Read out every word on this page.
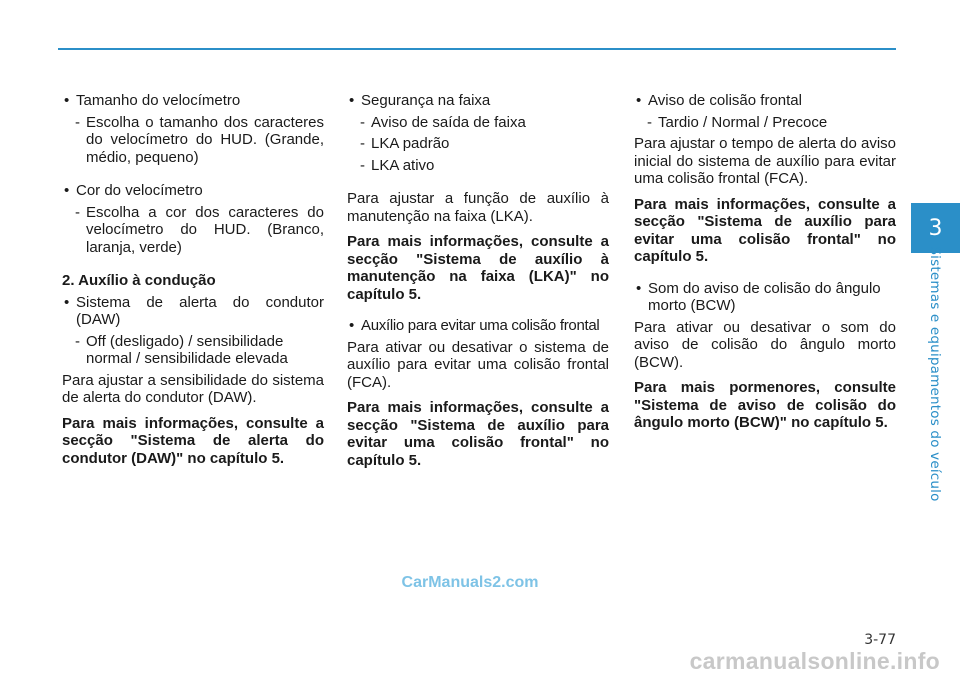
• Tamanho do velocímetro
- Escolha o tamanho dos caracteres do velocímetro do HUD. (Grande, médio, pequeno)
• Cor do velocímetro
- Escolha a cor dos caracteres do velocímetro do HUD. (Branco, laranja, verde)
2. Auxílio à condução
• Sistema de alerta do condutor (DAW)
- Off (desligado) / sensibilidade normal / sensibilidade elevada

Para ajustar a sensibilidade do sistema de alerta do condutor (DAW).

Para mais informações, consulte a secção "Sistema de alerta do condutor (DAW)" no capítulo 5.

• Segurança na faixa
- Aviso de saída de faixa
- LKA padrão
- LKA ativo

Para ajustar a função de auxílio à manutenção na faixa (LKA).

Para mais informações, consulte a secção "Sistema de auxílio à manutenção na faixa (LKA)" no capítulo 5.

• Auxílio para evitar uma colisão frontal

Para ativar ou desativar o sistema de auxílio para evitar uma colisão frontal (FCA).

Para mais informações, consulte a secção "Sistema de auxílio para evitar uma colisão frontal" no capítulo 5.

• Aviso de colisão frontal
- Tardio / Normal / Precoce

Para ajustar o tempo de alerta do aviso inicial do sistema de auxílio para evitar uma colisão frontal (FCA).

Para mais informações, consulte a secção "Sistema de auxílio para evitar uma colisão frontal" no capítulo 5.

• Som do aviso de colisão do ângulo morto (BCW)

Para ativar ou desativar o som do aviso de colisão do ângulo morto (BCW).

Para mais pormenores, consulte "Sistema de aviso de colisão do ângulo morto (BCW)" no capítulo 5.

3
Sistemas e equipamentos do veículo
CarManuals2.com
3-77
carmanualsonline.info
